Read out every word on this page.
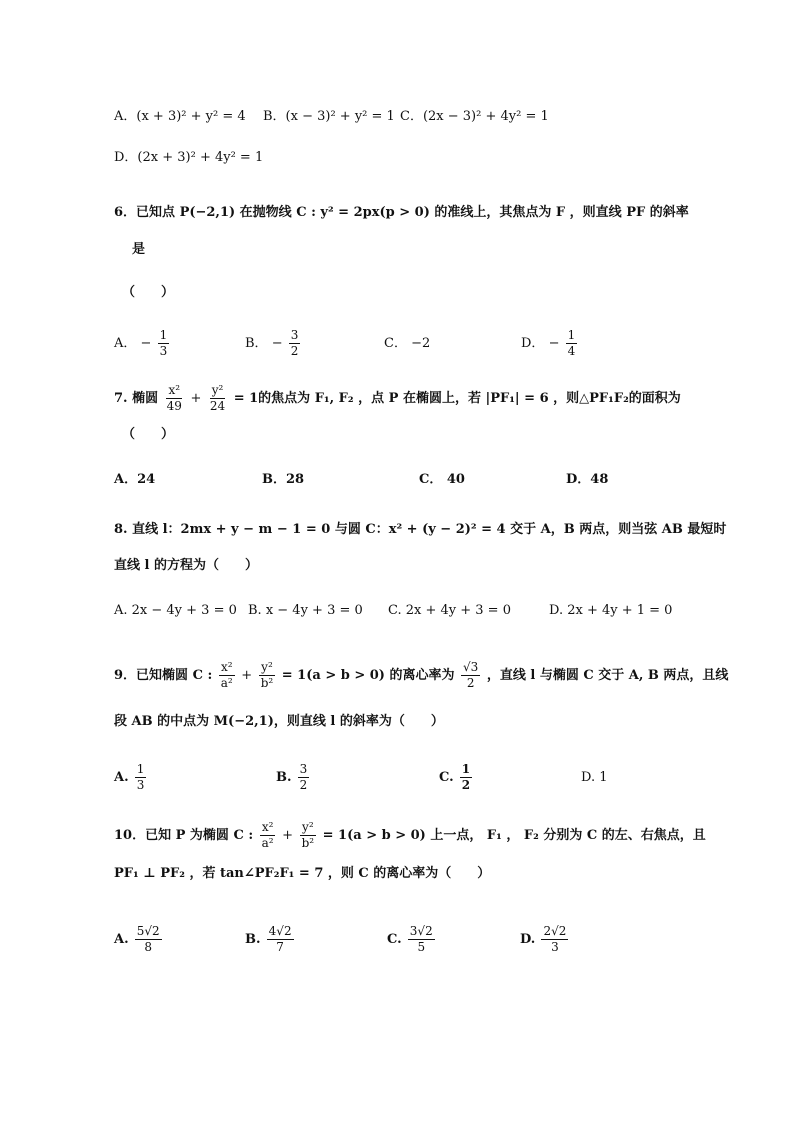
A．(x + 3)² + y² = 4 B．(x − 3)² + y² = 1 C．(2x − 3)² + 4y² = 1
D．(2x + 3)² + 4y² = 1
6．已知点 P(−2,1) 在抛物线 C : y² = 2px(p > 0) 的准线上，其焦点为 F ，则直线 PF 的斜率
是
（　　）
A． − $\frac{1}{3}$	B． − $\frac{3}{2}$	C． −2	D． − $\frac{1}{4}$
7. 椭圆 $\frac{\text{x²}}{49} + \frac{\text{y²}}{24} = 1$的焦点为 F₁, F₂ ，点 P 在椭圆上，若 |PF₁| = 6 ，则△PF₁F₂的面积为
（　　）
A．24	B．28	C． 40	D．48
8. 直线 l：2mx + y − m − 1 = 0 与圆 C：x² + (y − 2)² = 4 交于 A，B 两点，则当弦 AB 最短时
直线 l 的方程为（　　）
A. 2x − 4y + 3 = 0 B. x − 4y + 3 = 0 C. 2x + 4y + 3 = 0	D. 2x + 4y + 1 = 0
9．已知椭圆 C : $\frac{\text{x²}}{\text{a²}} + \frac{\text{y²}}{\text{b²}} = 1(a > b > 0)$ 的离心率为 $\frac{√3}{2}$ ，直线 l 与椭圆 C 交于 A, B 两点，且线
段 AB 的中点为 M(−2,1)，则直线 l 的斜率为（　　）
A. $\frac{1}{3}$	B. $\frac{3}{2}$	C. $\frac{1}{2}$	D. 1
10．已知 P 为椭圆 C : $\frac{\text{x²}}{\text{a²}} + \frac{\text{y²}}{\text{b²}} = 1(a > b > 0)$ 上一点， F₁ ， F₂ 分别为 C 的左、右焦点，且
PF₁ ⊥ PF₂ ，若 tan∠PF₂F₁ = 7 ，则 C 的离心率为（　　）
A. $\frac{5√2}{8}$	B. $\frac{4√2}{7}$	C. $\frac{3√2}{5}$	D. $\frac{2√2}{3}$
